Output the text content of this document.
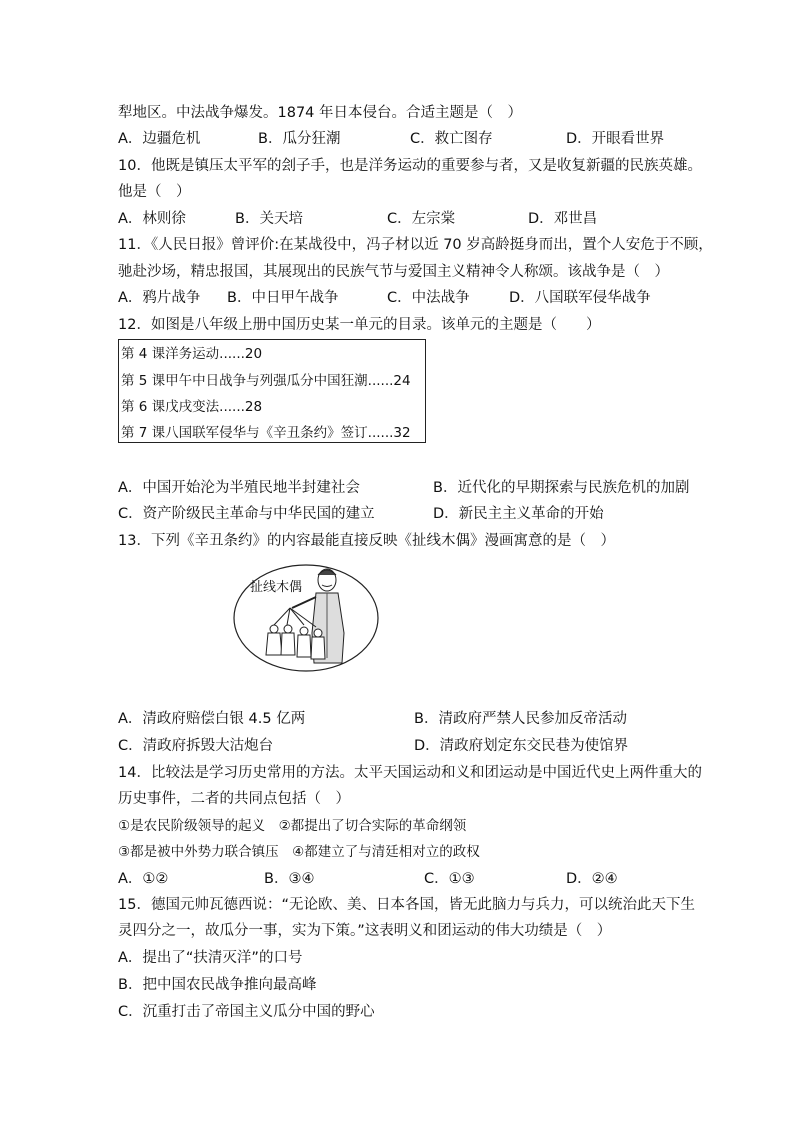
犁地区。中法战争爆发。1874 年日本侵台。合适主题是（　）
A．边疆危机	B．瓜分狂潮	C．救亡图存	D．开眼看世界
10．他既是镇压太平军的刽子手，也是洋务运动的重要参与者，又是收复新疆的民族英雄。
他是（　）
A．林则徐	B．关天培	C．左宗棠	D．邓世昌
11．《人民日报》曾评价:在某战役中，冯子材以近 70 岁高龄挺身而出，置个人安危于不顾，
驰赴沙场，精忠报国，其展现出的民族气节与爱国主义精神令人称颂。该战争是（　）
A．鸦片战争 B．中日甲午战争	C．中法战争	D．八国联军侵华战争
12．如图是八年级上册中国历史某一单元的目录。该单元的主题是（　　）
第 4 课洋务运动......20
第 5 课甲午中日战争与列强瓜分中国狂潮......24
第 6 课戊戌变法......28
第 7 课八国联军侵华与《辛丑条约》签订......32
A．中国开始沦为半殖民地半封建社会	B．近代化的早期探索与民族危机的加剧
C．资产阶级民主革命与中华民国的建立	D．新民主主义革命的开始
13．下列《辛丑条约》的内容最能直接反映《扯线木偶》漫画寓意的是（　）
扯线木偶
A．清政府赔偿白银 4.5 亿两	B．清政府严禁人民参加反帝活动
C．清政府拆毁大沽炮台	D．清政府划定东交民巷为使馆界
14．比较法是学习历史常用的方法。太平天国运动和义和团运动是中国近代史上两件重大的
历史事件，二者的共同点包括（　）
①是农民阶级领导的起义　②都提出了切合实际的革命纲领
③都是被中外势力联合镇压　④都建立了与清廷相对立的政权
A．①②	B．③④	C．①③	D．②④
15．德国元帅瓦德西说：“无论欧、美、日本各国，皆无此脑力与兵力，可以统治此天下生
灵四分之一，故瓜分一事，实为下策。”这表明义和团运动的伟大功绩是（　）
A．提出了“扶清灭洋”的口号
B．把中国农民战争推向最高峰
C．沉重打击了帝国主义瓜分中国的野心
